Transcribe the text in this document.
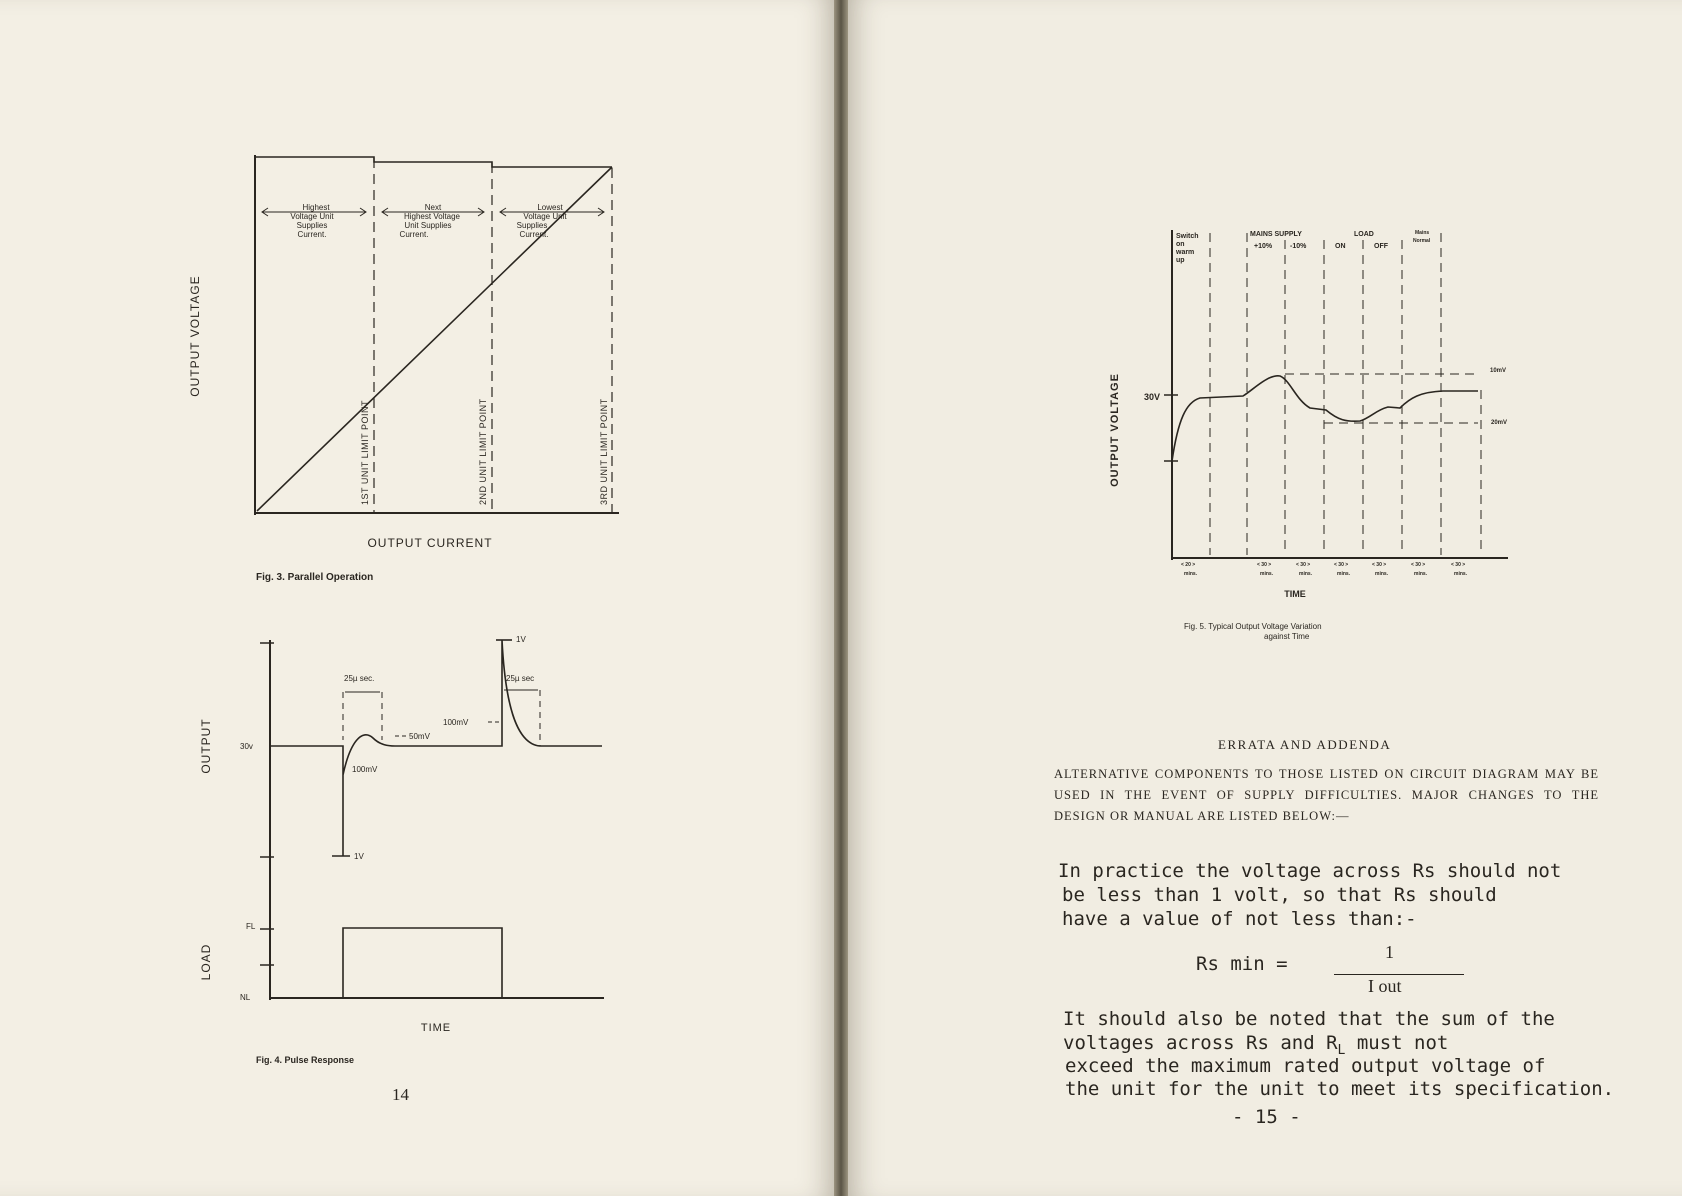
OUTPUT VOLTAGE
OUTPUT CURRENT
Fig. 3. Parallel Operation
Highest
Voltage Unit
Supplies
Current.
Next
Highest Voltage
Unit Supplies
Current.
Lowest
Voltage Unit
Supplies
Current.
1ST UNIT LIMIT POINT	2ND UNIT LIMIT POINT	3RD UNIT LIMIT POINT
OUTPUT
LOAD
30v
FL
NL
25µ sec.	25µ sec
50mV
100mV
100mV
1V
1V
TIME
Fig. 4. Pulse Response
14
OUTPUT VOLTAGE	30V
10mV
20mV
Switch
on
warm
up
MAINS SUPPLY
+10%	-10%
LOAD
ON	OFF
Mains
Normal
< 20 >	< 30 >	< 30 >	< 30 >	< 30 >	< 30 >	< 30 >
mins.	mins.	mins.	mins.	mins.	mins.	mins.
TIME
Fig. 5. Typical Output Voltage Variation
against Time
ERRATA AND ADDENDA
ALTERNATIVE COMPONENTS TO THOSE LISTED ON CIRCUIT DIAGRAM MAY BE USED IN THE EVENT OF SUPPLY DIFFICULTIES. MAJOR CHANGES TO THE DESIGN OR MANUAL ARE LISTED BELOW:—
In practice the voltage across Rs should not
be less than 1 volt, so that Rs should
have a value of not less than:-
Rs min =
1
I out
It should also be noted that the sum of the
voltages across Rs and $R_L$ must not
exceed the maximum rated output voltage of
the unit for the unit to meet its specification.
- 15 -
